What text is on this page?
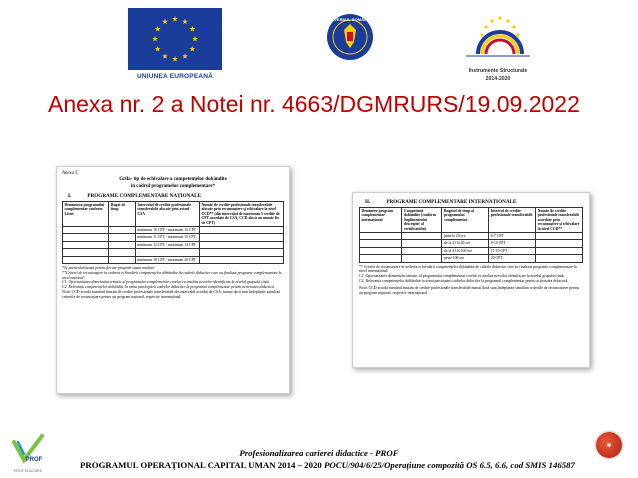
UNIUNEA EUROPEANĂ
GUVERNUL ROMÂNIEI
Instrumente Structurale
2014-2020
Anexa nr. 2 a Notei nr. 4663/DGMRURS/19.09.2022
Anexa 5
Grila- tip de echivalare a competențelor dobândite
în cadrul programelor complementare*
I.	PROGRAME COMPLEMENTARE NAȚIONALE
Denumirea programului complementar conform Listei	Buget de timp	Intervalul de credite profesionale transferabile alocate prin avizul CSA	Număr de credite profesionale transferabile alocate prin recunoaștere și echivalare la nivel CCD** (din intervalul de maximum 5 credite de CPT acordate de CSA, CCD alocă un număr fix de CPT)
		minimum 10 CPT - maximum 12 CPT	
		minimum 11 CPT - maximum 15 CPT	
		minimum 12 CPT - maximum 14 CPT	
		...	
		minimum 18 CPT - maximum 20 CPT	
*Se particularizează pentru fiecare program supus analizei
**Criterii de recunoaștere în vederea echivalării competențelor dobândite de cadrele didactice care au finalizat programe complementare la nivel național:
C1. Oportunitatea domeniului tematic al programului complementar corelat cu analiza nevoilor identificate la nivelul grupului țintă;
C2. Relevanța competențelor dobândite în urma participării cadrelor didactice la programul complementar pentru activitatea didactică.
Notă: CCD acordă numărul maxim de credite profesionale transferabile din intervalul acordat de CSA, numai dacă sunt îndeplinite simultan criteriile de recunoaștere pentru un program național, respectiv internațional
II.	PROGRAME COMPLEMENTARE INTERNAȚIONALE
Denumire program complementar internațional	Competențe dobândite (conform Suplimentului descriptiv al certificatului)	Bugetul de timp al programului complementar	Interval de credite profesionale transferabile	Număr de credite profesionale transferabile acordate prin recunoaștere și echivalare la nivel CCD**
		până la 20 ore	6-7 CPT	
		de la 21 la 40 ore	8-10 CPT	
		de la 41 la 100 ore	11-19 CPT	
		peste 100 ore	20 CPT	
** Criterii de recunoaștere în vederea echivalării competențelor dobândite de cadrele didactice care au finalizat programe complementare la nivel internațional:
C1. Oportunitatea domeniului tematic al programului complementar corelat cu analiza nevoilor identificate la nivelul grupului țintă;
C2. Relevanța competențelor dobândite în urma participării cadrelor didactice la programul complementar pentru activitatea didactică.
Notă: CCD acordă numărul maxim de credite profesionale transferabile numai dacă sunt îndeplinite simultan criteriile de recunoaștere pentru un program național, respectiv internațional
PROF
PROF EDUCARE
Profesionalizarea carierei didactice - PROF
PROGRAMUL OPERAȚIONAL CAPITAL UMAN 2014 – 2020 POCU/904/6/25/Operațiune compozită OS 6.5, 6.6, cod SMIS 146587
